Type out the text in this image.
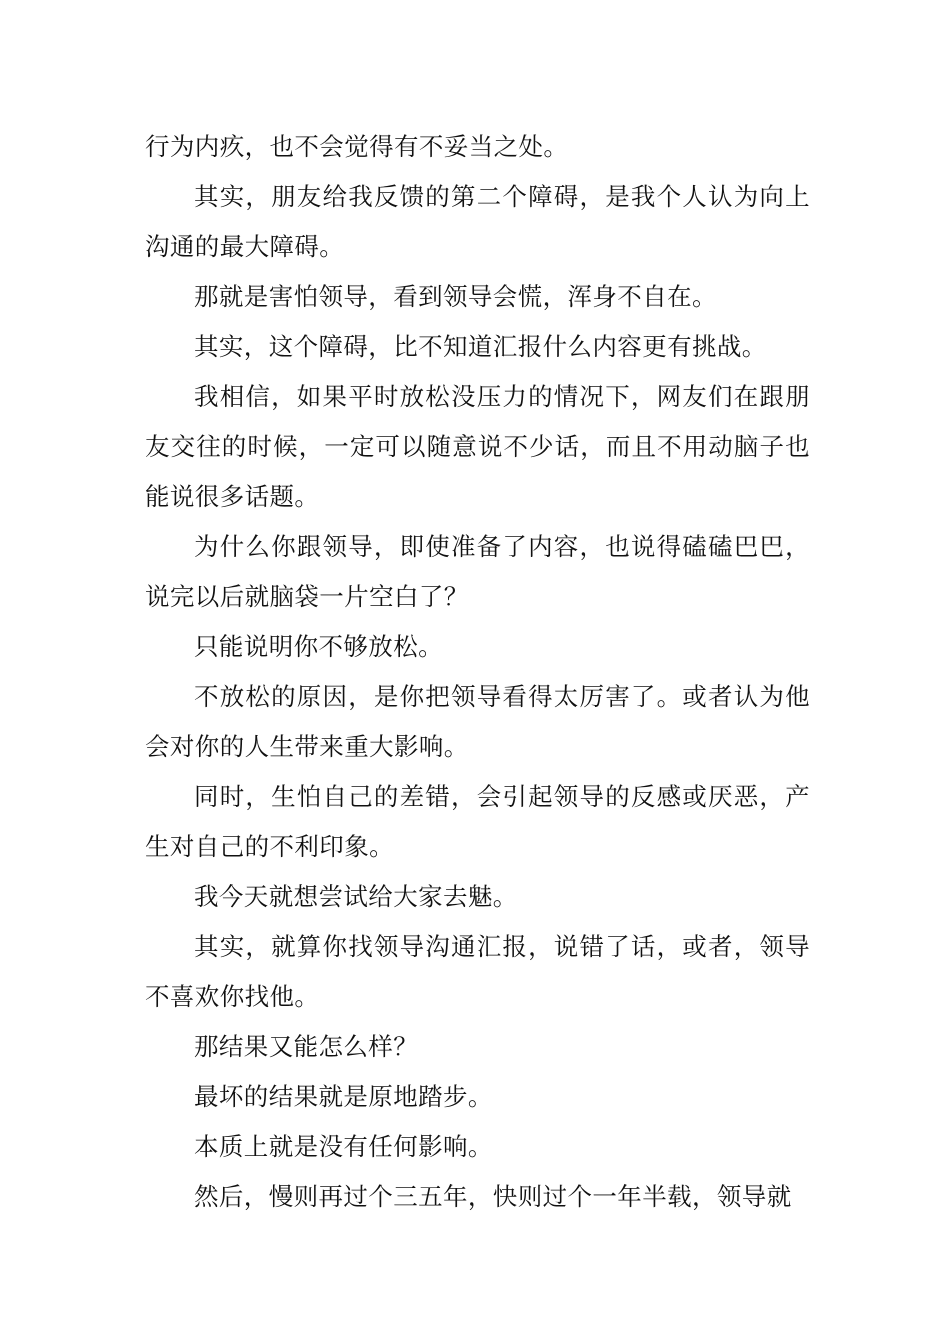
行为内疚，也不会觉得有不妥当之处。

其实，朋友给我反馈的第二个障碍，是我个人认为向上沟通的最大障碍。

那就是害怕领导，看到领导会慌，浑身不自在。

其实，这个障碍，比不知道汇报什么内容更有挑战。

我相信，如果平时放松没压力的情况下，网友们在跟朋友交往的时候，一定可以随意说不少话，而且不用动脑子也能说很多话题。

为什么你跟领导，即使准备了内容，也说得磕磕巴巴，说完以后就脑袋一片空白了？

只能说明你不够放松。

不放松的原因，是你把领导看得太厉害了。或者认为他会对你的人生带来重大影响。

同时，生怕自己的差错，会引起领导的反感或厌恶，产生对自己的不利印象。

我今天就想尝试给大家去魅。

其实，就算你找领导沟通汇报，说错了话，或者，领导不喜欢你找他。

那结果又能怎么样？

最坏的结果就是原地踏步。

本质上就是没有任何影响。

然后，慢则再过个三五年，快则过个一年半载，领导就
